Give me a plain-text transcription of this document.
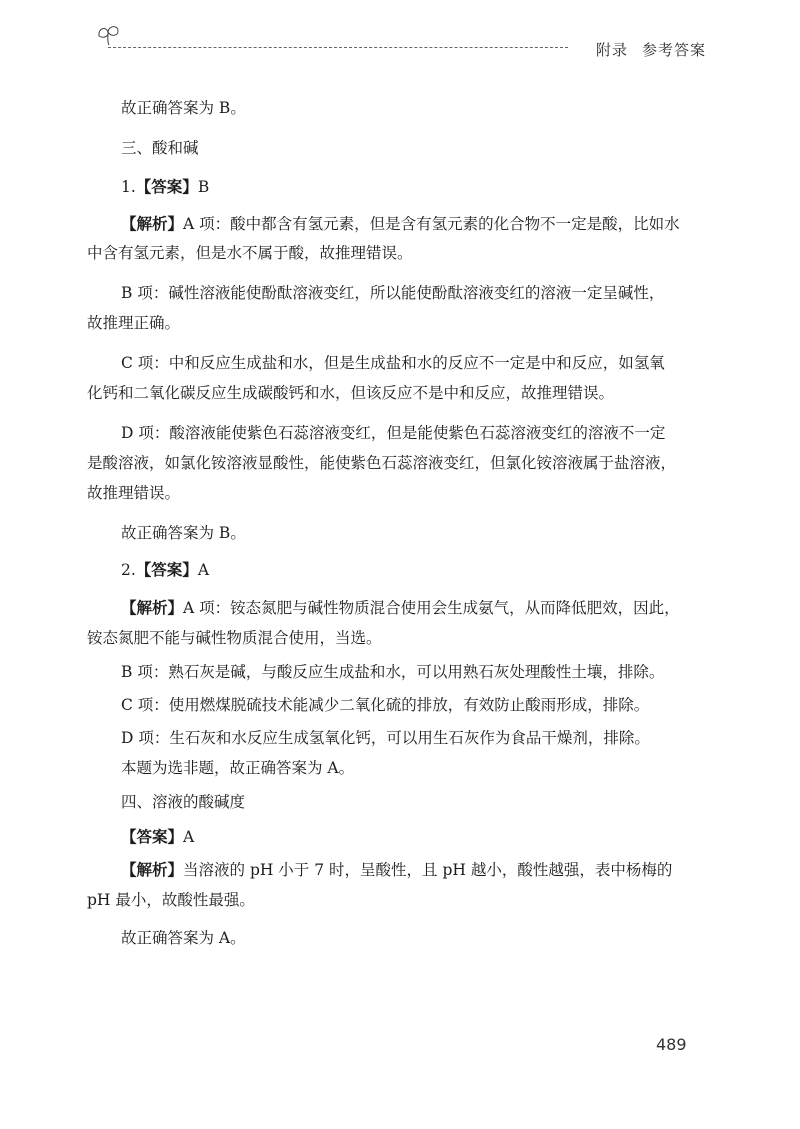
附录 参考答案
故正确答案为 B。
三、酸和碱
1.【答案】B
【解析】A 项：酸中都含有氢元素，但是含有氢元素的化合物不一定是酸，比如水
中含有氢元素，但是水不属于酸，故推理错误。
B 项：碱性溶液能使酚酞溶液变红，所以能使酚酞溶液变红的溶液一定呈碱性，
故推理正确。
C 项：中和反应生成盐和水，但是生成盐和水的反应不一定是中和反应，如氢氧
化钙和二氧化碳反应生成碳酸钙和水，但该反应不是中和反应，故推理错误。
D 项：酸溶液能使紫色石蕊溶液变红，但是能使紫色石蕊溶液变红的溶液不一定
是酸溶液，如氯化铵溶液显酸性，能使紫色石蕊溶液变红，但氯化铵溶液属于盐溶液，
故推理错误。
故正确答案为 B。
2.【答案】A
【解析】A 项：铵态氮肥与碱性物质混合使用会生成氨气，从而降低肥效，因此，
铵态氮肥不能与碱性物质混合使用，当选。
B 项：熟石灰是碱，与酸反应生成盐和水，可以用熟石灰处理酸性土壤，排除。
C 项：使用燃煤脱硫技术能减少二氧化硫的排放，有效防止酸雨形成，排除。
D 项：生石灰和水反应生成氢氧化钙，可以用生石灰作为食品干燥剂，排除。
本题为选非题，故正确答案为 A。
四、溶液的酸碱度
【答案】A
【解析】当溶液的 pH 小于 7 时，呈酸性，且 pH 越小，酸性越强，表中杨梅的
pH 最小，故酸性最强。
故正确答案为 A。
489
